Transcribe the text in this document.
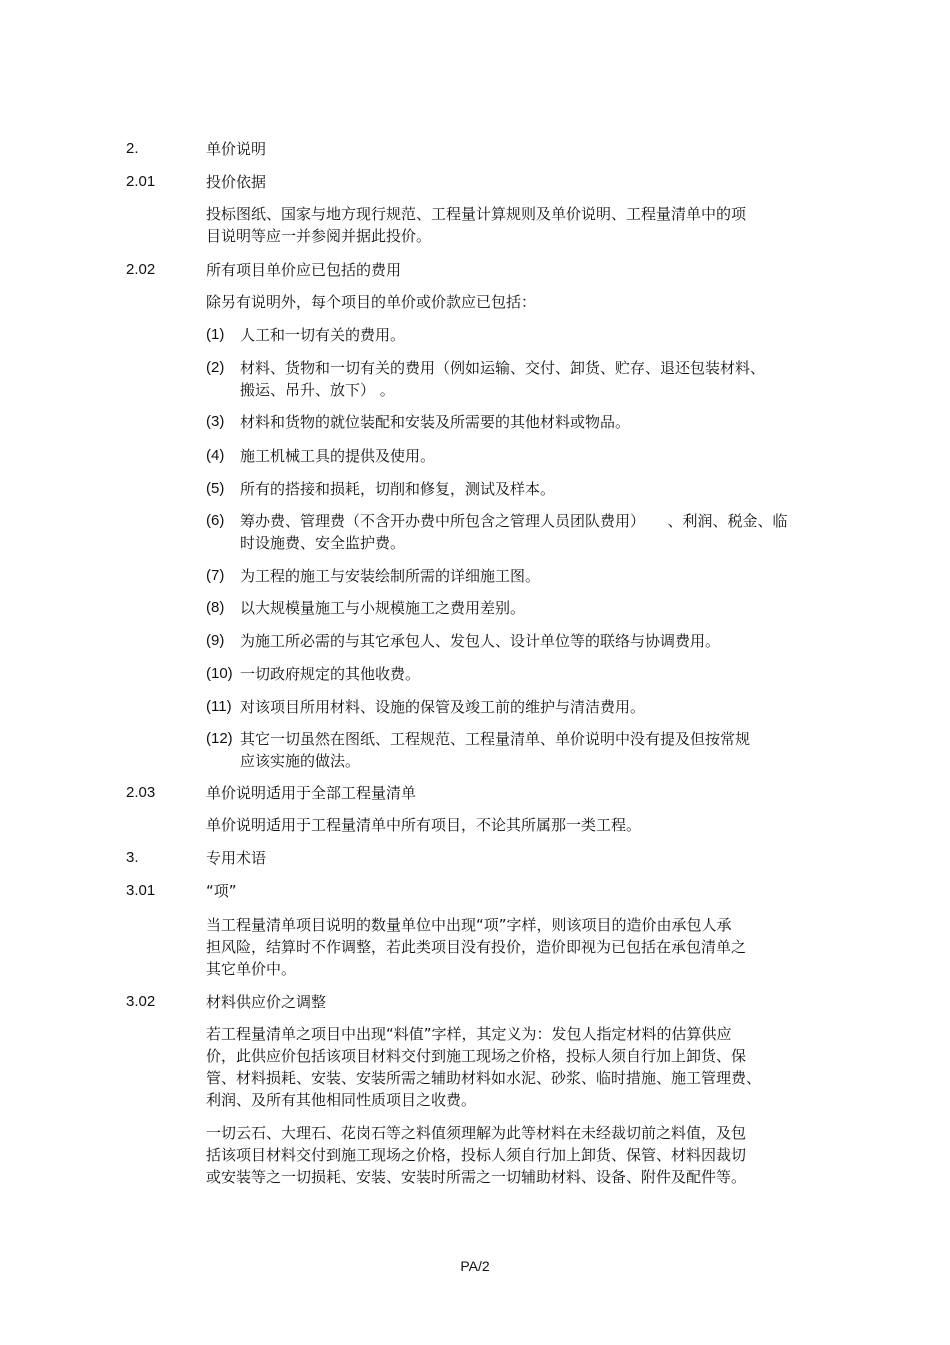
2.	单价说明
2.01	投价依据
投标图纸、国家与地方现行规范、工程量计算规则及单价说明、工程量清单中的项
目说明等应一并参阅并据此投价。
2.02	所有项目单价应已包括的费用
除另有说明外，每个项目的单价或价款应已包括：
(1) 人工和一切有关的费用。
(2) 材料、货物和一切有关的费用（例如运输、交付、卸货、贮存、退还包装材料、
搬运、吊升、放下） 。
(3) 材料和货物的就位装配和安装及所需要的其他材料或物品。
(4) 施工机械工具的提供及使用。
(5) 所有的搭接和损耗，切削和修复，测试及样本。
(6) 筹办费、管理费（不含开办费中所包含之管理人员团队费用）　　、利润、税金、临
时设施费、安全监护费。
(7) 为工程的施工与安装绘制所需的详细施工图。
(8) 以大规模量施工与小规模施工之费用差别。
(9) 为施工所必需的与其它承包人、发包人、设计单位等的联络与协调费用。
(10) 一切政府规定的其他收费。
(11) 对该项目所用材料、设施的保管及竣工前的维护与清洁费用。
(12) 其它一切虽然在图纸、工程规范、工程量清单、单价说明中没有提及但按常规
应该实施的做法。
2.03	单价说明适用于全部工程量清单
单价说明适用于工程量清单中所有项目，不论其所属那一类工程。
3.	专用术语
3.01	“项”
当工程量清单项目说明的数量单位中出现“项”字样，则该项目的造价由承包人承
担风险，结算时不作调整，若此类项目没有投价，造价即视为已包括在承包清单之
其它单价中。
3.02	材料供应价之调整
若工程量清单之项目中出现“料值”字样，其定义为：发包人指定材料的估算供应
价，此供应价包括该项目材料交付到施工现场之价格，投标人须自行加上卸货、保
管、材料损耗、安装、安装所需之辅助材料如水泥、砂浆、临时措施、施工管理费、
利润、及所有其他相同性质项目之收费。
一切云石、大理石、花岗石等之料值须理解为此等材料在未经裁切前之料值，及包
括该项目材料交付到施工现场之价格，投标人须自行加上卸货、保管、材料因裁切
或安装等之一切损耗、安装、安装时所需之一切辅助材料、设备、附件及配件等。
PA/2
